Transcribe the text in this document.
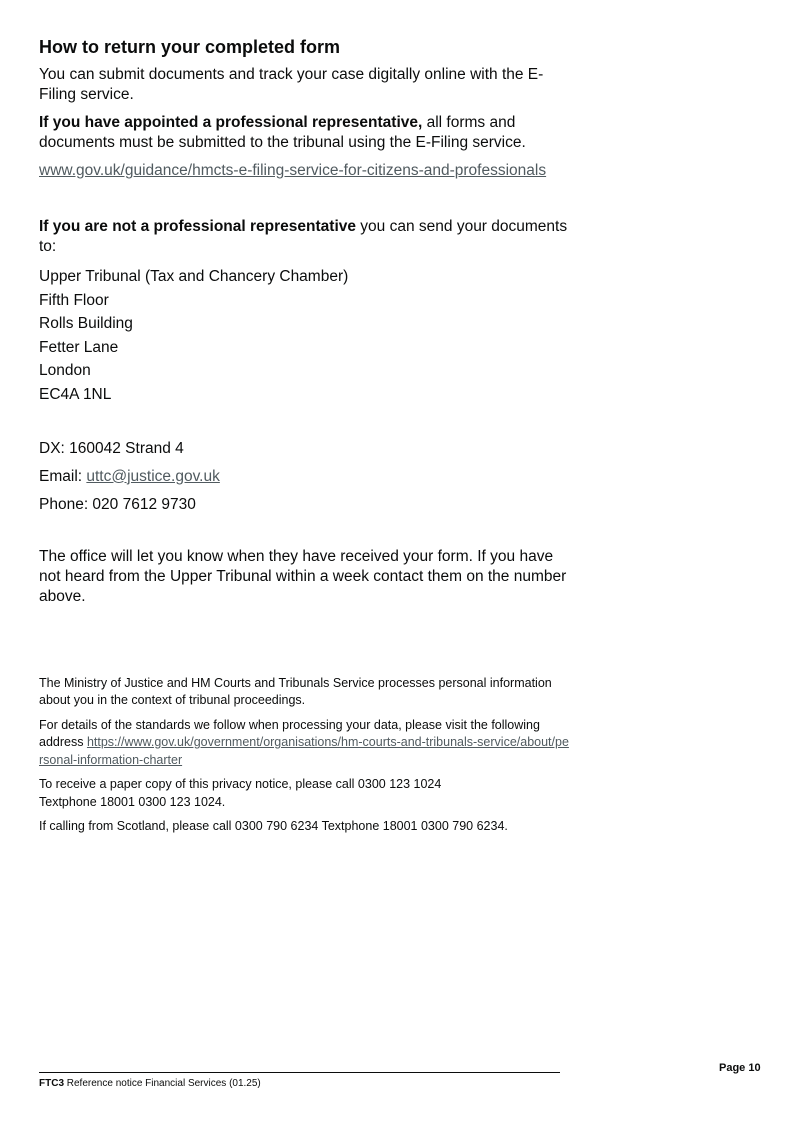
How to return your completed form

You can submit documents and track your case digitally online with the E-Filing service.

If you have appointed a professional representative, all forms and documents must be submitted to the tribunal using the E-Filing service.

www.gov.uk/guidance/hmcts-e-filing-service-for-citizens-and-professionals

If you are not a professional representative you can send your documents to:

Upper Tribunal (Tax and Chancery Chamber)
Fifth Floor
Rolls Building
Fetter Lane
London
EC4A 1NL

DX: 160042 Strand 4

Email: uttc@justice.gov.uk

Phone: 020 7612 9730

The office will let you know when they have received your form. If you have not heard from the Upper Tribunal within a week contact them on the number above.

The Ministry of Justice and HM Courts and Tribunals Service processes personal information about you in the context of tribunal proceedings.

For details of the standards we follow when processing your data, please visit the following address https://www.gov.uk/government/organisations/hm-courts-and-tribunals-service/about/personal-information-charter

To receive a paper copy of this privacy notice, please call 0300 123 1024
Textphone 18001 0300 123 1024.

If calling from Scotland, please call 0300 790 6234 Textphone 18001 0300 790 6234.

FTC3 Reference notice Financial Services (01.25)
Page 10
